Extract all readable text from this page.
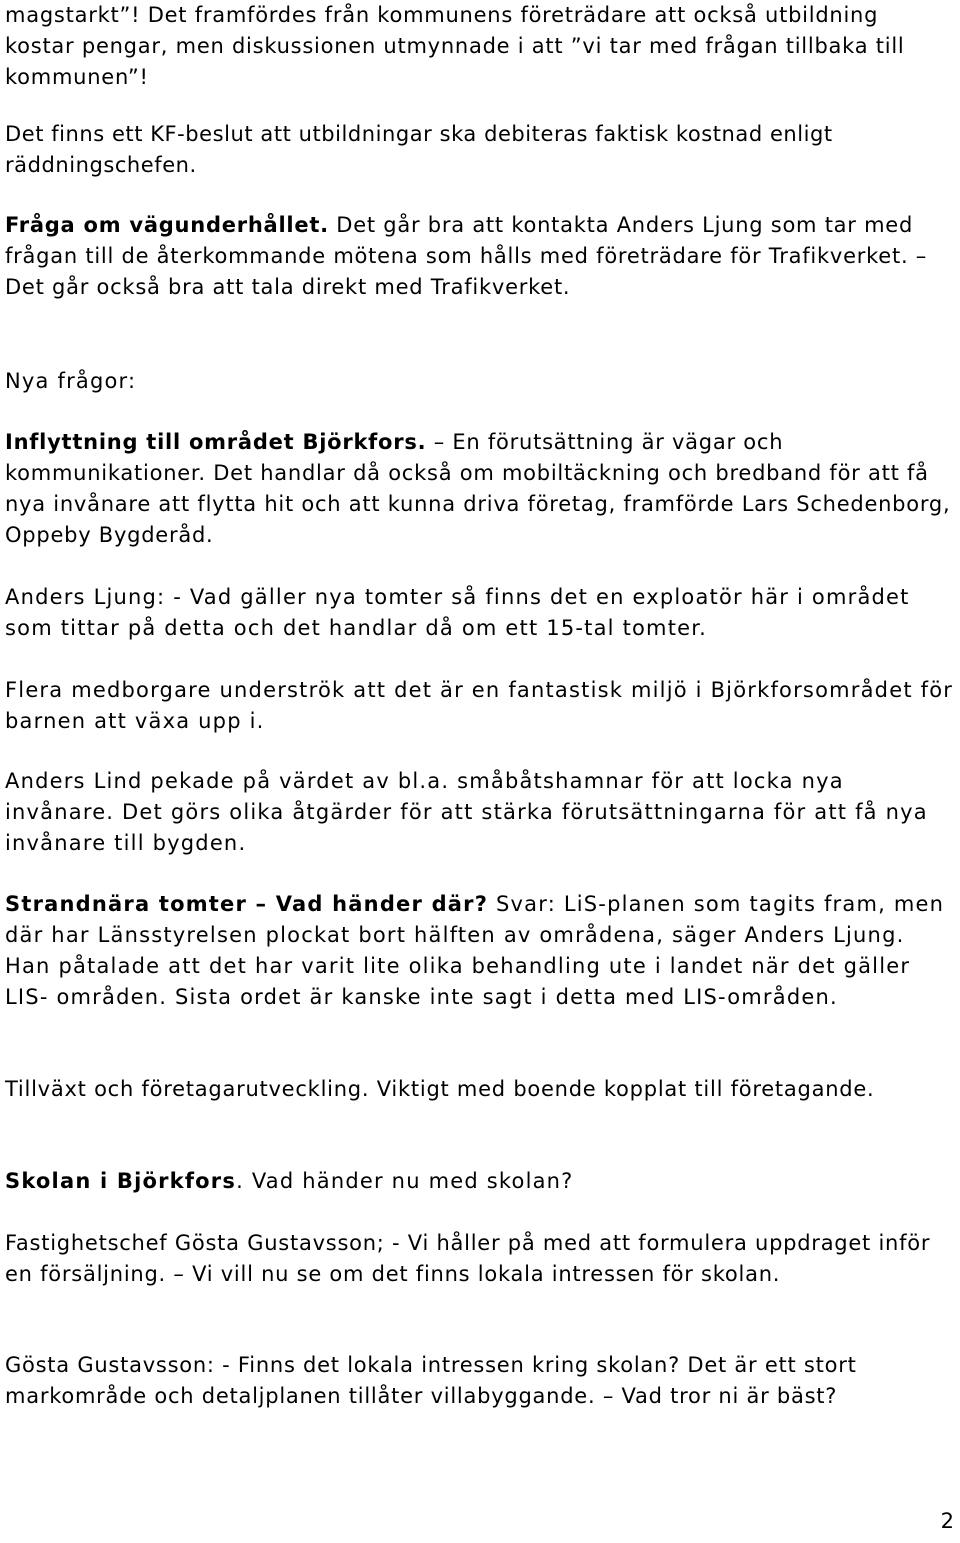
magstarkt”! Det framfördes från kommunens företrädare att också utbildning kostar pengar, men diskussionen utmynnade i att ”vi tar med frågan tillbaka till kommunen”!

Det finns ett KF-beslut att utbildningar ska debiteras faktisk kostnad enligt räddningschefen.

Fråga om vägunderhållet. Det går bra att kontakta Anders Ljung som tar med frågan till de återkommande mötena som hålls med företrädare för Trafikverket. – Det går också bra att tala direkt med Trafikverket.

Nya frågor:

Inflyttning till området Björkfors. – En förutsättning är vägar och kommunikationer. Det handlar då också om mobiltäckning och bredband för att få nya invånare att flytta hit och att kunna driva företag, framförde Lars Schedenborg, Oppeby Bygderåd.

Anders Ljung: - Vad gäller nya tomter så finns det en exploatör här i området som tittar på detta och det handlar då om ett 15-tal tomter.

Flera medborgare underströk att det är en fantastisk miljö i Björkforsområdet för barnen att växa upp i.

Anders Lind pekade på värdet av bl.a. småbåtshamnar för att locka nya invånare. Det görs olika åtgärder för att stärka förutsättningarna för att få nya invånare till bygden.

Strandnära tomter – Vad händer där? Svar: LiS-planen som tagits fram, men där har Länsstyrelsen plockat bort hälften av områdena, säger Anders Ljung. Han påtalade att det har varit lite olika behandling ute i landet när det gäller LIS- områden. Sista ordet är kanske inte sagt i detta med LIS-områden.

Tillväxt och företagarutveckling. Viktigt med boende kopplat till företagande.

Skolan i Björkfors. Vad händer nu med skolan?

Fastighetschef Gösta Gustavsson; - Vi håller på med att formulera uppdraget inför en försäljning. – Vi vill nu se om det finns lokala intressen för skolan.

Gösta Gustavsson: - Finns det lokala intressen kring skolan? Det är ett stort markområde och detaljplanen tillåter villabyggande. – Vad tror ni är bäst?

2
